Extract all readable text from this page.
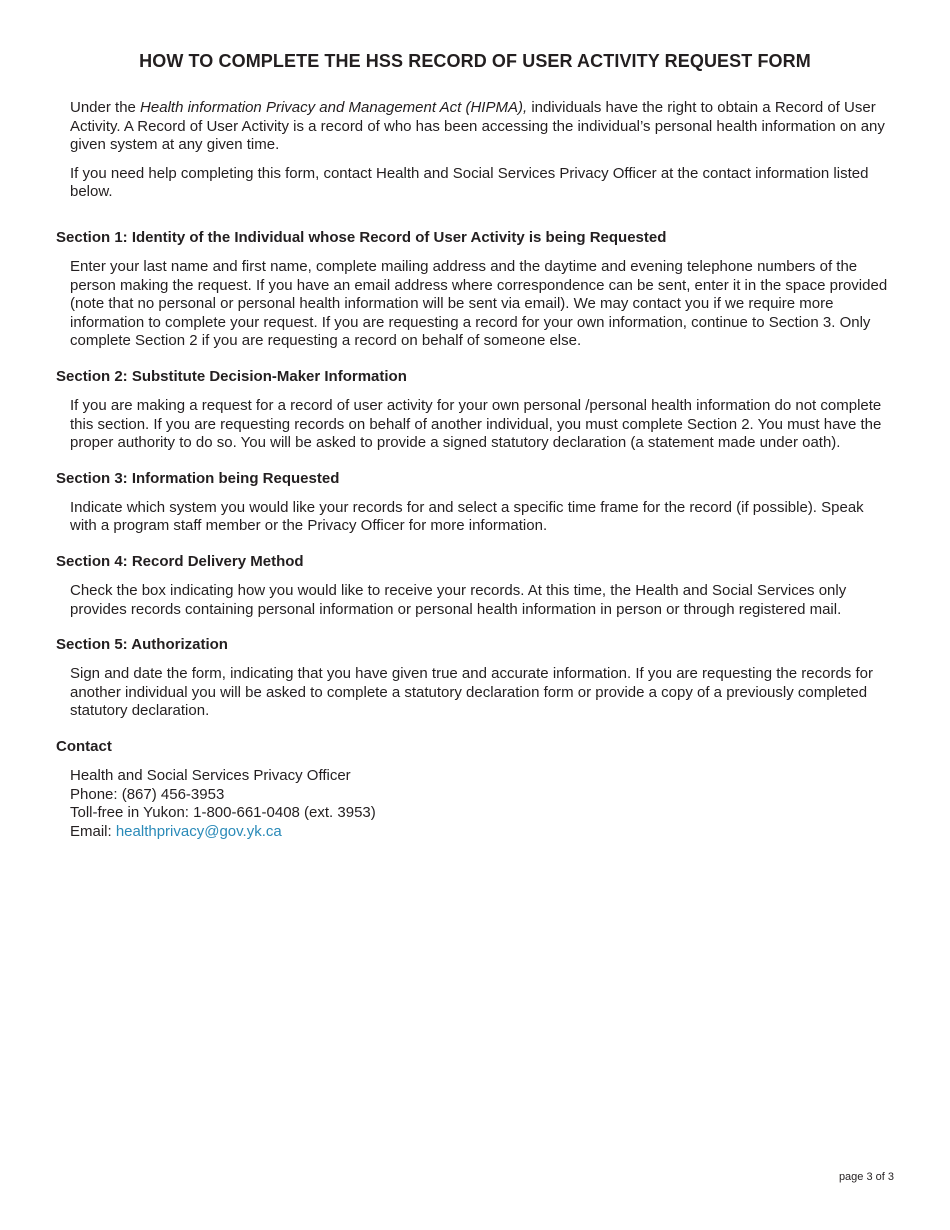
HOW TO COMPLETE THE HSS RECORD OF USER ACTIVITY REQUEST FORM

Under the Health information Privacy and Management Act (HIPMA), individuals have the right to obtain a Record of User Activity. A Record of User Activity is a record of who has been accessing the individual’s personal health information on any given system at any given time.

If you need help completing this form, contact Health and Social Services Privacy Officer at the contact information listed below.

Section 1: Identity of the Individual whose Record of User Activity is being Requested

Enter your last name and first name, complete mailing address and the daytime and evening telephone numbers of the person making the request. If you have an email address where correspondence can be sent, enter it in the space provided (note that no personal or personal health information will be sent via email). We may contact you if we require more information to complete your request. If you are requesting a record for your own information, continue to Section 3. Only complete Section 2 if you are requesting a record on behalf of someone else.

Section 2: Substitute Decision-Maker Information

If you are making a request for a record of user activity for your own personal /personal health information do not complete this section. If you are requesting records on behalf of another individual, you must complete Section 2. You must have the proper authority to do so. You will be asked to provide a signed statutory declaration (a statement made under oath).

Section 3: Information being Requested

Indicate which system you would like your records for and select a specific time frame for the record (if possible). Speak with a program staff member or the Privacy Officer for more information.

Section 4: Record Delivery Method

Check the box indicating how you would like to receive your records. At this time, the Health and Social Services only provides records containing personal information or personal health information in person or through registered mail.

Section 5: Authorization

Sign and date the form, indicating that you have given true and accurate information. If you are requesting the records for another individual you will be asked to complete a statutory declaration form or provide a copy of a previously completed statutory declaration.

Contact

Health and Social Services Privacy Officer

Phone: (867) 456-3953

Toll-free in Yukon: 1-800-661-0408 (ext. 3953)

Email: healthprivacy@gov.yk.ca

page 3 of 3
